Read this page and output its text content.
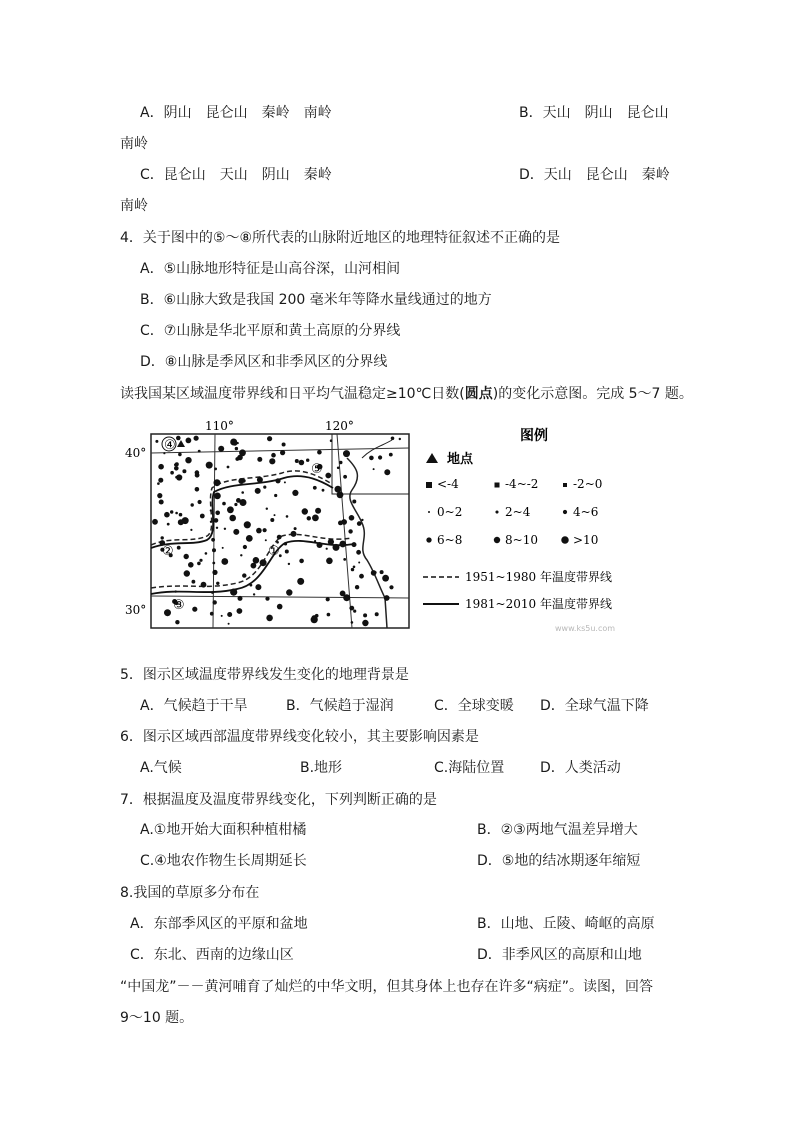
A．阴山　昆仑山　秦岭　南岭	B．天山　阴山　昆仑山
南岭
C．昆仑山　天山　阴山　秦岭	D．天山　昆仑山　秦岭
南岭
4．关于图中的⑤～⑧所代表的山脉附近地区的地理特征叙述不正确的是
A．⑤山脉地形特征是山高谷深，山河相间
B．⑥山脉大致是我国 200 毫米年等降水量线通过的地方
C．⑦山脉是华北平原和黄土高原的分界线
D．⑧山脉是季风区和非季风区的分界线
读我国某区域温度带界线和日平均气温稳定≥10℃日数(圆点)的变化示意图。完成 5～7 题。
④
⑤
①
②
③
110°	120°
40°
30°
图例
地点
<-4	-4~-2	-2~0
0~2	2~4	4~6
6~8	8~10	>10
1951~1980 年温度带界线
1981~2010 年温度带界线
www.ks5u.com
5．图示区域温度带界线发生变化的地理背景是
A．气候趋于干旱	B．气候趋于湿润	C．全球变暖 D．全球气温下降
6．图示区域西部温度带界线变化较小，其主要影响因素是
A.气候	B.地形	C.海陆位置	D．人类活动
7．根据温度及温度带界线变化，下列判断正确的是
A.①地开始大面积种植柑橘	B．②③两地气温差异增大
C.④地农作物生长周期延长	D．⑤地的结冰期逐年缩短
8.我国的草原多分布在
A．东部季风区的平原和盆地	B．山地、丘陵、崎岖的高原
C．东北、西南的边缘山区	D．非季风区的高原和山地
“中国龙”－－黄河哺育了灿烂的中华文明，但其身体上也存在许多“病症”。读图，回答
9～10 题。
